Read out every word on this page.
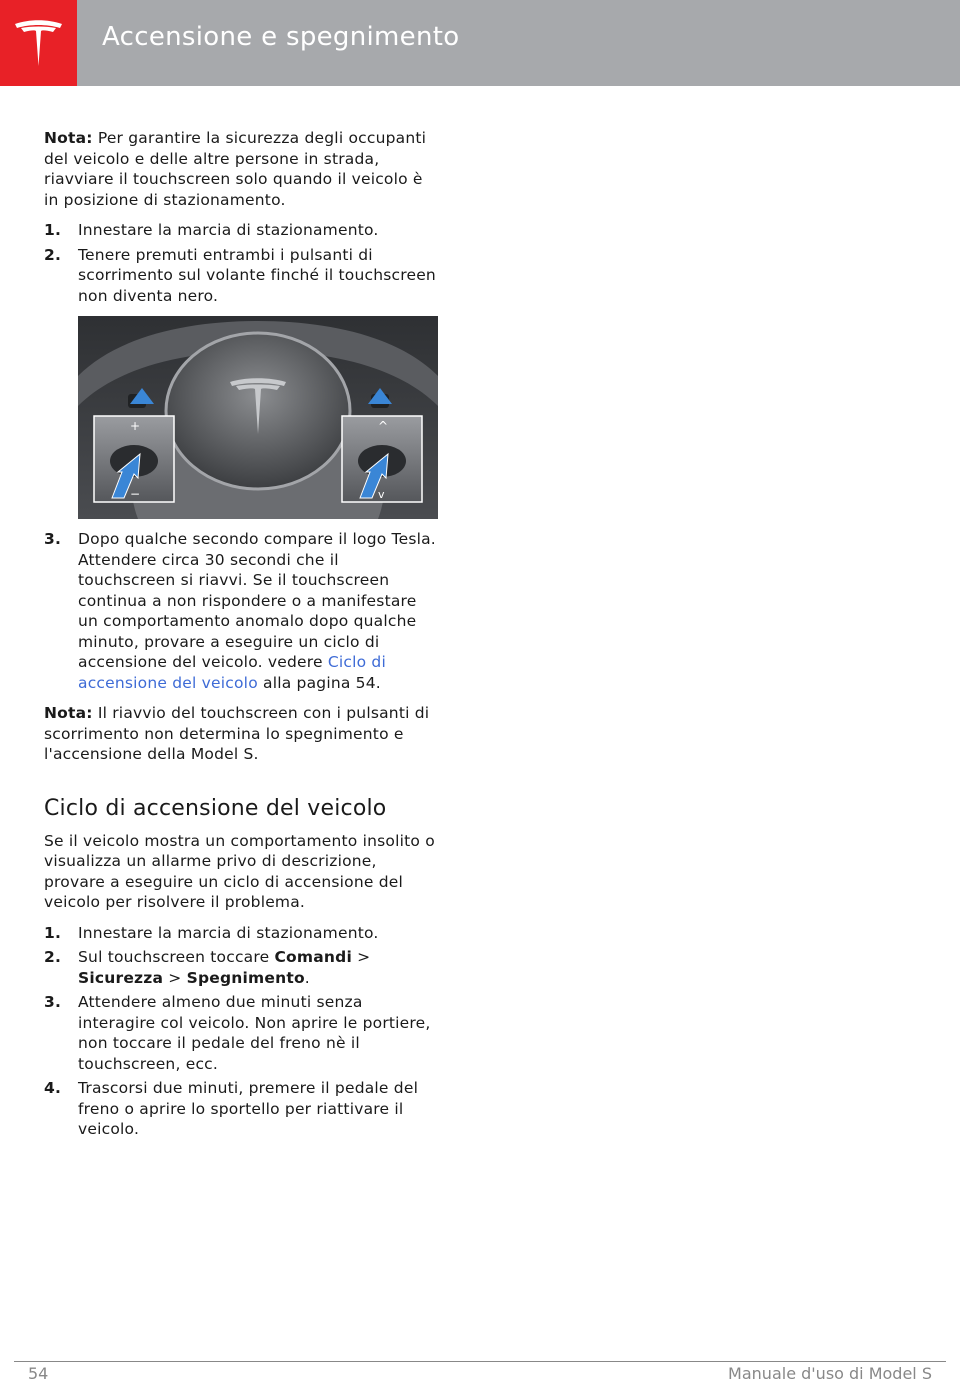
Accensione e spegnimento

Nota: Per garantire la sicurezza degli occupanti del veicolo e delle altre persone in strada, riavviare il touchscreen solo quando il veicolo è in posizione di stazionamento.

1. Innestare la marcia di stazionamento.
2. Tenere premuti entrambi i pulsanti di scorrimento sul volante finché il touchscreen non diventa nero.
+
−
^
v
3. Dopo qualche secondo compare il logo Tesla. Attendere circa 30 secondi che il touchscreen si riavvi. Se il touchscreen continua a non rispondere o a manifestare un comportamento anomalo dopo qualche minuto, provare a eseguire un ciclo di accensione del veicolo. vedere Ciclo di accensione del veicolo alla pagina 54.

Nota: Il riavvio del touchscreen con i pulsanti di scorrimento non determina lo spegnimento e l'accensione della Model S.

Ciclo di accensione del veicolo

Se il veicolo mostra un comportamento insolito o visualizza un allarme privo di descrizione, provare a eseguire un ciclo di accensione del veicolo per risolvere il problema.

1. Innestare la marcia di stazionamento.
2. Sul touchscreen toccare Comandi > Sicurezza > Spegnimento.
3. Attendere almeno due minuti senza interagire col veicolo. Non aprire le portiere, non toccare il pedale del freno nè il touchscreen, ecc.
4. Trascorsi due minuti, premere il pedale del freno o aprire lo sportello per riattivare il veicolo.
54	Manuale d'uso di Model S
